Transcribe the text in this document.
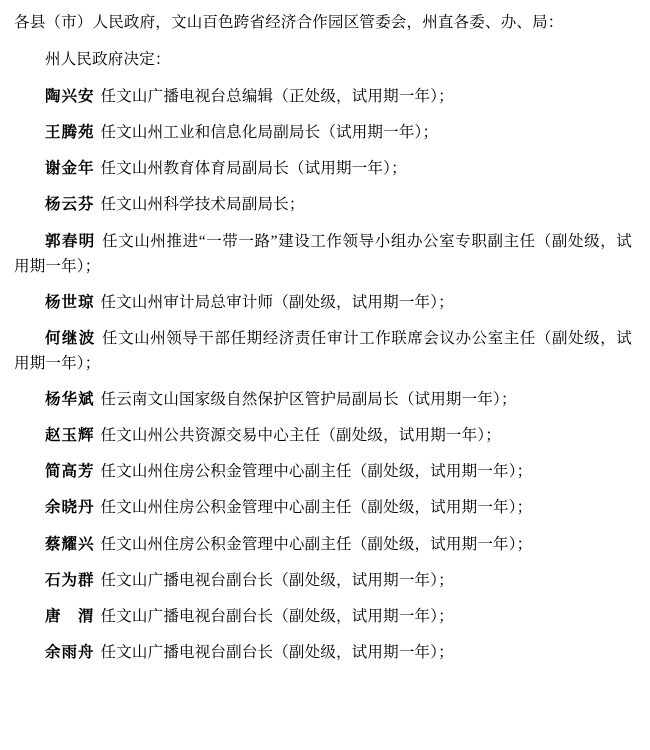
各县（市）人民政府，文山百色跨省经济合作园区管委会，州直各委、办、局：

州人民政府决定：

陶兴安 任文山广播电视台总编辑（正处级，试用期一年）；

王腾苑 任文山州工业和信息化局副局长（试用期一年）；

谢金年 任文山州教育体育局副局长（试用期一年）；

杨云芬 任文山州科学技术局副局长；

郭春明 任文山州推进“一带一路”建设工作领导小组办公室专职副主任（副处级，试用期一年）；

杨世琼 任文山州审计局总审计师（副处级，试用期一年）；

何继波 任文山州领导干部任期经济责任审计工作联席会议办公室主任（副处级，试用期一年）；

杨华斌 任云南文山国家级自然保护区管护局副局长（试用期一年）；

赵玉辉 任文山州公共资源交易中心主任（副处级，试用期一年）；

简高芳 任文山州住房公积金管理中心副主任（副处级，试用期一年）；

余晓丹 任文山州住房公积金管理中心副主任（副处级，试用期一年）；

蔡耀兴 任文山州住房公积金管理中心副主任（副处级，试用期一年）；

石为群 任文山广播电视台副台长（副处级，试用期一年）；

唐　渭 任文山广播电视台副台长（副处级，试用期一年）；

余雨舟 任文山广播电视台副台长（副处级，试用期一年）；
